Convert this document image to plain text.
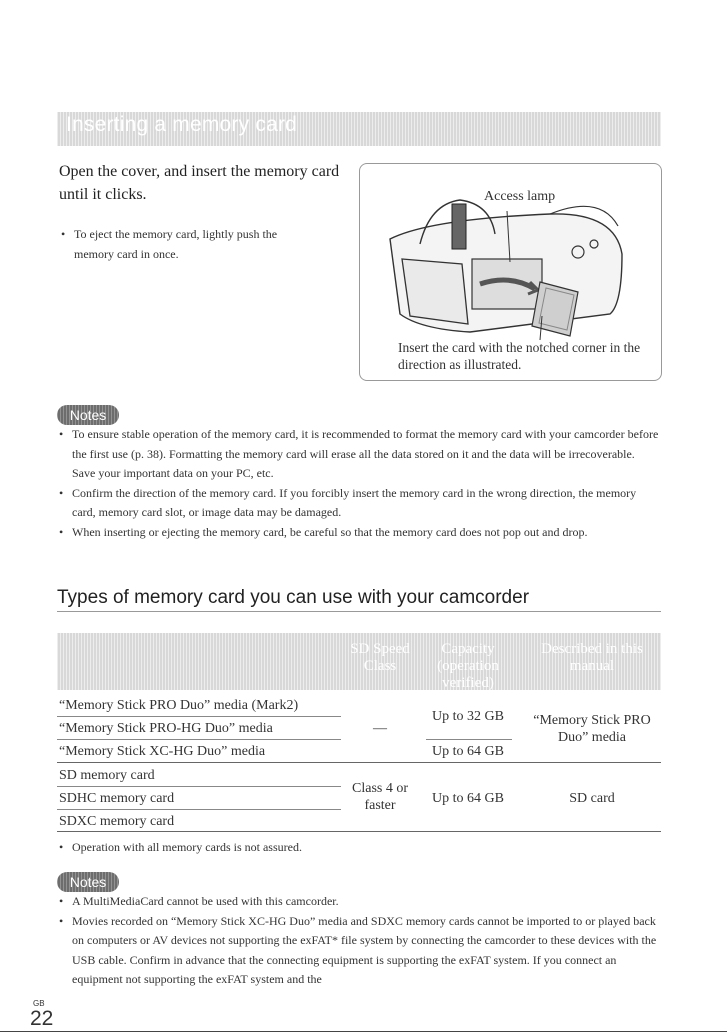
Inserting a memory card
Open the cover, and insert the memory card until it clicks.
• To eject the memory card, lightly push the memory card in once.
Access lamp
Insert the card with the notched corner in the direction as illustrated.
Notes
• To ensure stable operation of the memory card, it is recommended to format the memory card with your camcorder before the first use (p. 38). Formatting the memory card will erase all the data stored on it and the data will be irrecoverable. Save your important data on your PC, etc.
• Confirm the direction of the memory card. If you forcibly insert the memory card in the wrong direction, the memory card, memory card slot, or image data may be damaged.
• When inserting or ejecting the memory card, be careful so that the memory card does not pop out and drop.
Types of memory card you can use with your camcorder
SD Speed Class
Capacity (operation verified)
Described in this manual
“Memory Stick PRO Duo” media (Mark2)
“Memory Stick PRO-HG Duo” media
“Memory Stick XC-HG Duo” media
—
Up to 32 GB
Up to 64 GB
“Memory Stick PRO Duo” media
SD memory card
SDHC memory card
SDXC memory card
Class 4 or faster	Up to 64 GB	SD card
• Operation with all memory cards is not assured.
Notes
• A MultiMediaCard cannot be used with this camcorder.
• Movies recorded on “Memory Stick XC-HG Duo” media and SDXC memory cards cannot be imported to or played back on computers or AV devices not supporting the exFAT* file system by connecting the camcorder to these devices with the USB cable. Confirm in advance that the connecting equipment is supporting the exFAT system. If you connect an equipment not supporting the exFAT system and the
GB
22
